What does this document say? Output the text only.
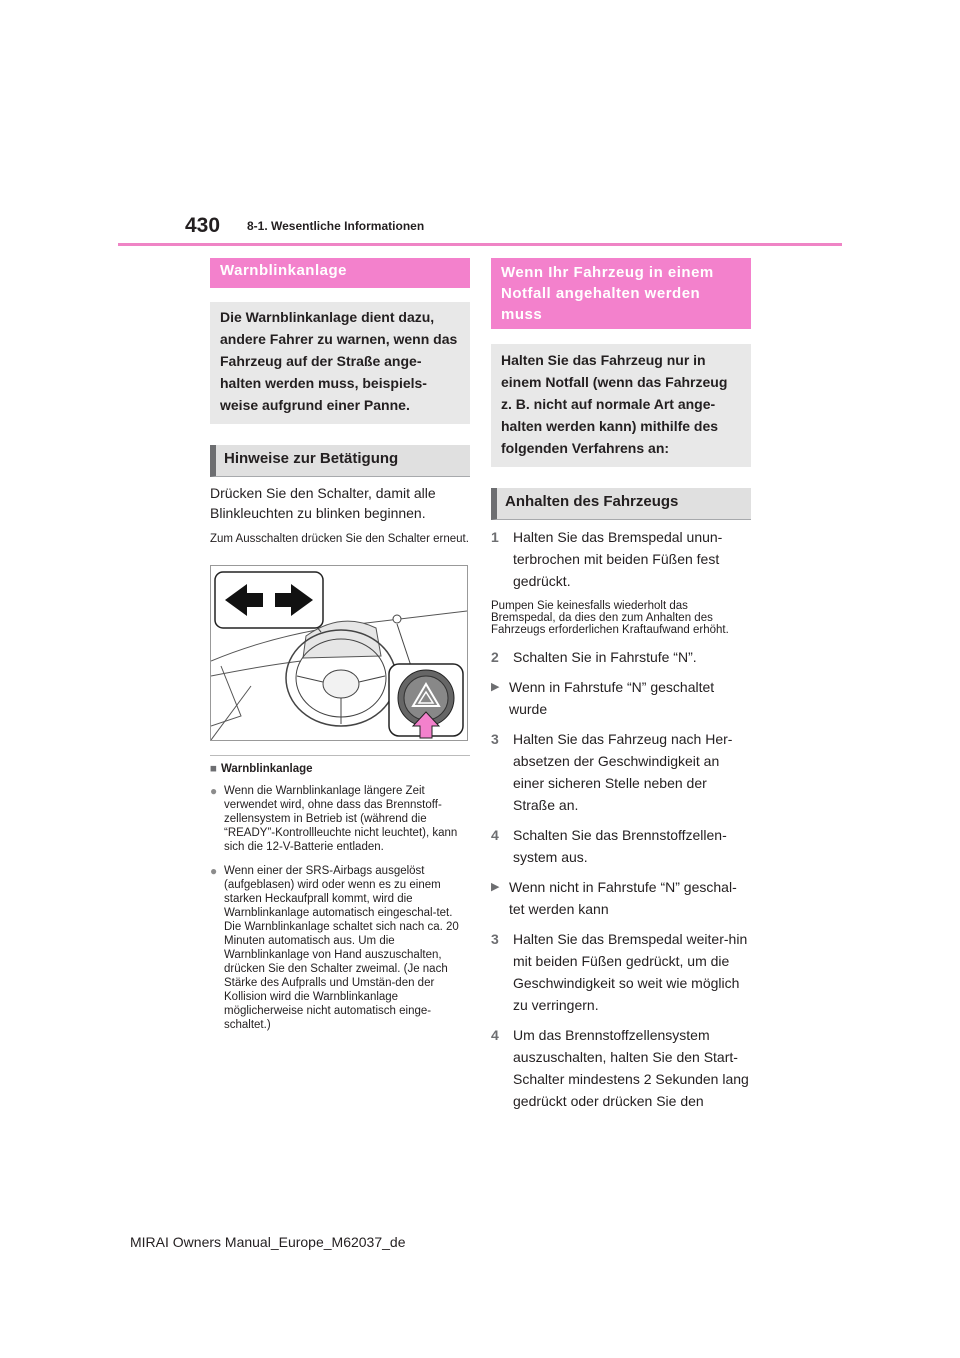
430 8-1. Wesentliche Informationen
Warnblinkanlage
Die Warnblinkanlage dient dazu, andere Fahrer zu warnen, wenn das Fahrzeug auf der Straße ange-halten werden muss, beispiels-weise aufgrund einer Panne.
Hinweise zur Betätigung
Drücken Sie den Schalter, damit alle Blinkleuchten zu blinken beginnen.
Zum Ausschalten drücken Sie den Schalter erneut.
■ Warnblinkanlage
● Wenn die Warnblinkanlage längere Zeit verwendet wird, ohne dass das Brennstoff-zellensystem in Betrieb ist (während die “READY”-Kontrollleuchte nicht leuchtet), kann sich die 12-V-Batterie entladen.
● Wenn einer der SRS-Airbags ausgelöst (aufgeblasen) wird oder wenn es zu einem starken Heckaufprall kommt, wird die Warnblinkanlage automatisch eingeschal-tet. Die Warnblinkanlage schaltet sich nach ca. 20 Minuten automatisch aus. Um die Warnblinkanlage von Hand auszuschalten, drücken Sie den Schalter zweimal. (Je nach Stärke des Aufpralls und Umstän-den der Kollision wird die Warnblinkanlage möglicherweise nicht automatisch einge-schaltet.)
Wenn Ihr Fahrzeug in einem Notfall angehalten werden muss
Halten Sie das Fahrzeug nur in einem Notfall (wenn das Fahrzeug z. B. nicht auf normale Art ange-halten werden kann) mithilfe des folgenden Verfahrens an:
Anhalten des Fahrzeugs
1	Halten Sie das Bremspedal unun-terbrochen mit beiden Füßen fest gedrückt.
Pumpen Sie keinesfalls wiederholt das Bremspedal, da dies den zum Anhalten des Fahrzeugs erforderlichen Kraftaufwand erhöht.
2	Schalten Sie in Fahrstufe “N”.
▶ Wenn in Fahrstufe “N” geschaltet wurde
3	Halten Sie das Fahrzeug nach Her-absetzen der Geschwindigkeit an einer sicheren Stelle neben der Straße an.
4	Schalten Sie das Brennstoffzellen-system aus.
▶ Wenn nicht in Fahrstufe “N” geschal-tet werden kann
3	Halten Sie das Bremspedal weiter-hin mit beiden Füßen gedrückt, um die Geschwindigkeit so weit wie möglich zu verringern.
4	Um das Brennstoffzellensystem auszuschalten, halten Sie den Start-Schalter mindestens 2 Sekunden lang gedrückt oder drücken Sie den
MIRAI Owners Manual_Europe_M62037_de
